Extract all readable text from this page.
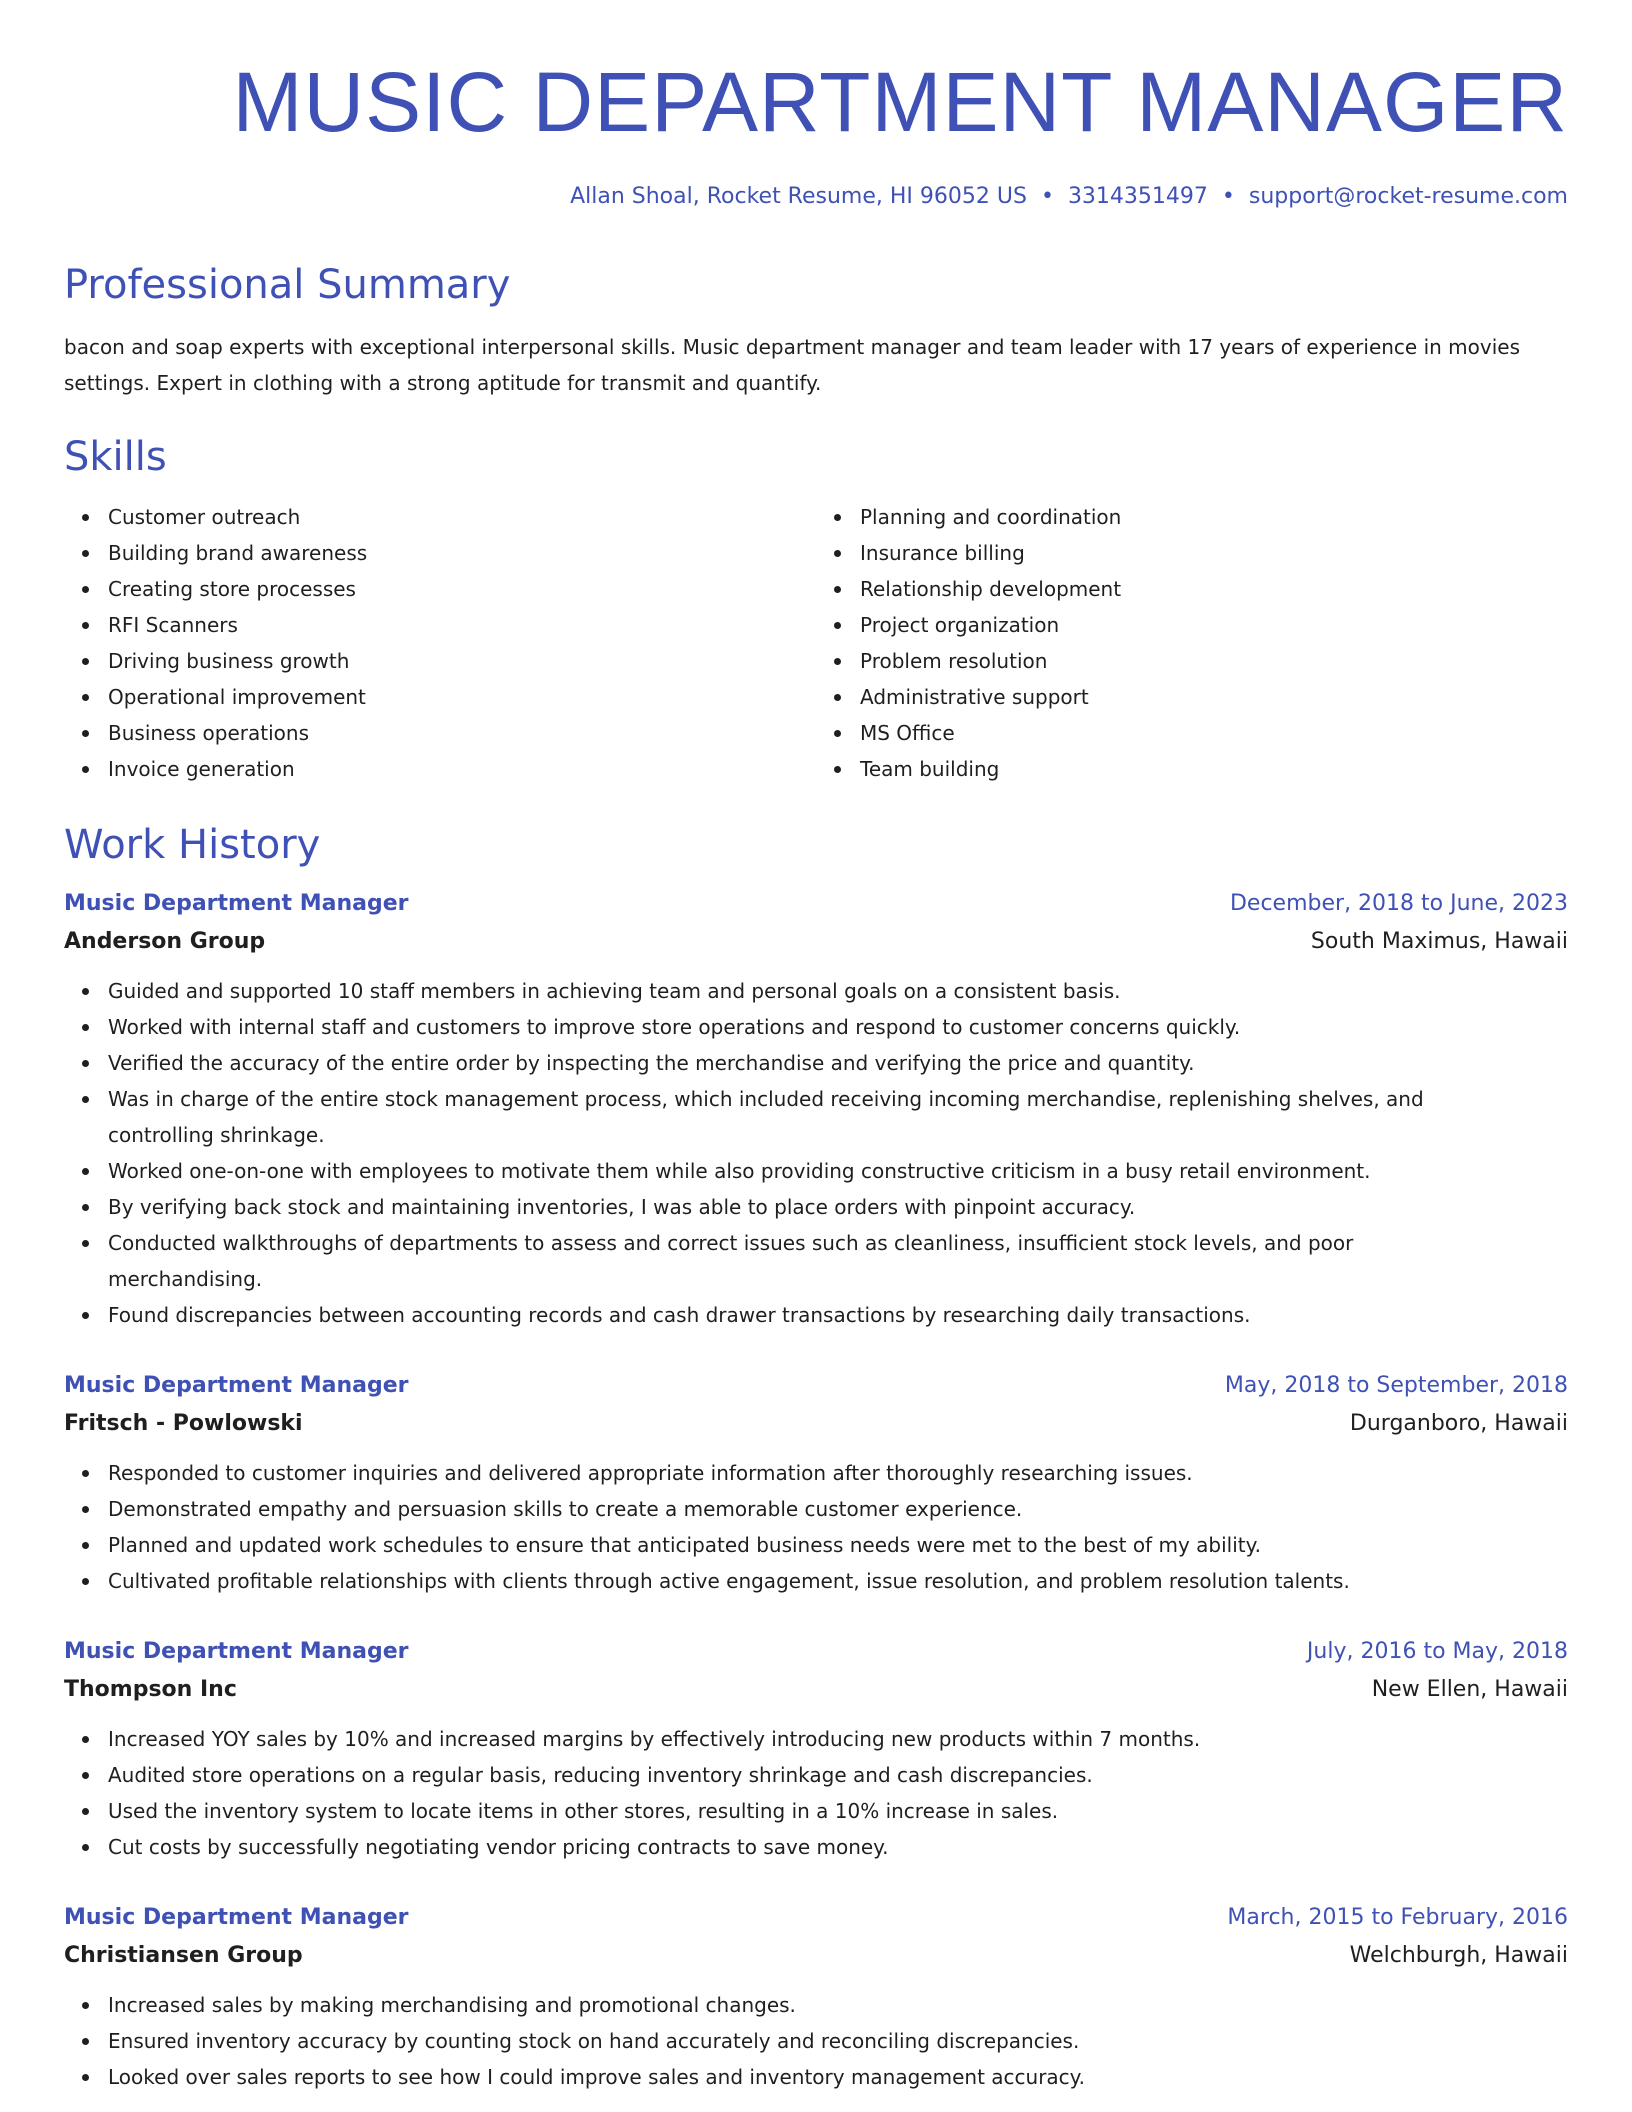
MUSIC DEPARTMENT MANAGER
Allan Shoal, Rocket Resume, HI 96052 US • 3314351497 • support@rocket-resume.com
Professional Summary

bacon and soap experts with exceptional interpersonal skills. Music department manager and team leader with 17 years of experience in movies settings. Expert in clothing with a strong aptitude for transmit and quantify.

Skills
Customer outreach
Building brand awareness
Creating store processes
RFI Scanners
Driving business growth
Operational improvement
Business operations
Invoice generation
Planning and coordination
Insurance billing
Relationship development
Project organization
Problem resolution
Administrative support
MS Office
Team building
Work History
Music Department Manager	December, 2018 to June, 2023
Anderson Group	South Maximus, Hawaii
Guided and supported 10 staff members in achieving team and personal goals on a consistent basis.
Worked with internal staff and customers to improve store operations and respond to customer concerns quickly.
Verified the accuracy of the entire order by inspecting the merchandise and verifying the price and quantity.
Was in charge of the entire stock management process, which included receiving incoming merchandise, replenishing shelves, and controlling shrinkage.
Worked one-on-one with employees to motivate them while also providing constructive criticism in a busy retail environment.
By verifying back stock and maintaining inventories, I was able to place orders with pinpoint accuracy.
Conducted walkthroughs of departments to assess and correct issues such as cleanliness, insufficient stock levels, and poor merchandising.
Found discrepancies between accounting records and cash drawer transactions by researching daily transactions.
Music Department Manager	May, 2018 to September, 2018
Fritsch - Powlowski	Durganboro, Hawaii
Responded to customer inquiries and delivered appropriate information after thoroughly researching issues.
Demonstrated empathy and persuasion skills to create a memorable customer experience.
Planned and updated work schedules to ensure that anticipated business needs were met to the best of my ability.
Cultivated profitable relationships with clients through active engagement, issue resolution, and problem resolution talents.
Music Department Manager	July, 2016 to May, 2018
Thompson Inc	New Ellen, Hawaii
Increased YOY sales by 10% and increased margins by effectively introducing new products within 7 months.
Audited store operations on a regular basis, reducing inventory shrinkage and cash discrepancies.
Used the inventory system to locate items in other stores, resulting in a 10% increase in sales.
Cut costs by successfully negotiating vendor pricing contracts to save money.
Music Department Manager	March, 2015 to February, 2016
Christiansen Group	Welchburgh, Hawaii
Increased sales by making merchandising and promotional changes.
Ensured inventory accuracy by counting stock on hand accurately and reconciling discrepancies.
Looked over sales reports to see how I could improve sales and inventory management accuracy.
